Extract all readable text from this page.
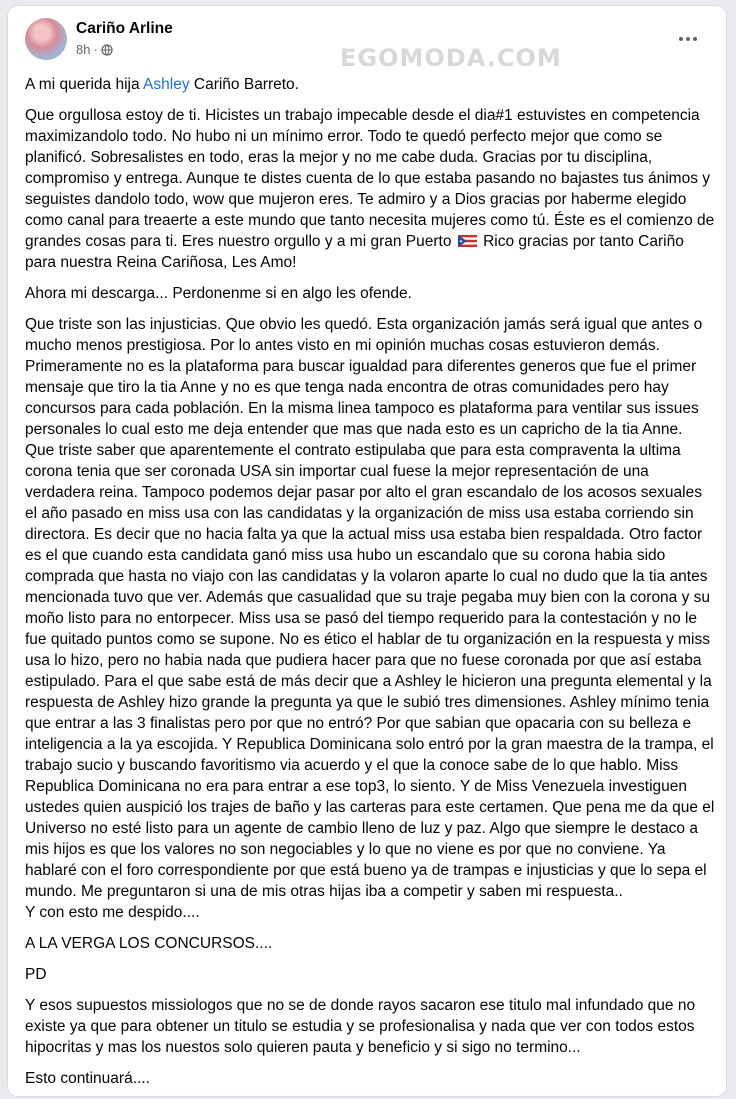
Cariño Arline
8h ·	EGOMODA.COM

A mi querida hija Ashley Cariño Barreto.

Que orgullosa estoy de ti. Hicistes un trabajo impecable desde el dia#1 estuvistes en competencia maximizandolo todo. No hubo ni un mínimo error. Todo te quedó perfecto mejor que como se planificó. Sobresalistes en todo, eras la mejor y no me cabe duda. Gracias por tu disciplina, compromiso y entrega. Aunque te distes cuenta de lo que estaba pasando no bajastes tus ánimos y seguistes dandolo todo, wow que mujeron eres. Te admiro y a Dios gracias por haberme elegido como canal para treaerte a este mundo que tanto necesita mujeres como tú. Éste es el comienzo de grandes cosas para ti. Eres nuestro orgullo y a mi gran Puerto  Rico gracias por tanto Cariño para nuestra Reina Cariñosa, Les Amo!

Ahora mi descarga... Perdonenme si en algo les ofende.

Que triste son las injusticias. Que obvio les quedó. Esta organización jamás será igual que antes o mucho menos prestigiosa. Por lo antes visto en mi opinión muchas cosas estuvieron demás. Primeramente no es la plataforma para buscar igualdad para diferentes generos que fue el primer mensaje que tiro la tia Anne y no es que tenga nada encontra de otras comunidades pero hay concursos para cada población. En la misma linea tampoco es plataforma para ventilar sus issues personales lo cual esto me deja entender que mas que nada esto es un capricho de la tia Anne. Que triste saber que aparentemente el contrato estipulaba que para esta compraventa la ultima corona tenia que ser coronada USA sin importar cual fuese la mejor representación de una verdadera reina. Tampoco podemos dejar pasar por alto el gran escandalo de los acosos sexuales el año pasado en miss usa con las candidatas y la organización de miss usa estaba corriendo sin directora. Es decir que no hacia falta ya que la actual miss usa estaba bien respaldada. Otro factor es el que cuando esta candidata ganó miss usa hubo un escandalo que su corona habia sido comprada que hasta no viajo con las candidatas y la volaron aparte lo cual no dudo que la tia antes mencionada tuvo que ver. Además que casualidad que su traje pegaba muy bien con la corona y su moño listo para no entorpecer. Miss usa se pasó del tiempo requerido para la contestación y no le fue quitado puntos como se supone. No es ético el hablar de tu organización en la respuesta y miss usa lo hizo, pero no habia nada que pudiera hacer para que no fuese coronada por que así estaba estipulado. Para el que sabe está de más decir que a Ashley le hicieron una pregunta elemental y la respuesta de Ashley hizo grande la pregunta ya que le subió tres dimensiones. Ashley mínimo tenia que entrar a las 3 finalistas pero por que no entró? Por que sabian que opacaria con su belleza e inteligencia a la ya escojida. Y Republica Dominicana solo entró por la gran maestra de la trampa, el trabajo sucio y buscando favoritismo via acuerdo y el que la conoce sabe de lo que hablo. Miss Republica Dominicana no era para entrar a ese top3, lo siento. Y de Miss Venezuela investiguen ustedes quien auspició los trajes de baño y las carteras para este certamen. Que pena me da que el Universo no esté listo para un agente de cambio lleno de luz y paz. Algo que siempre le destaco a mis hijos es que los valores no son negociables y lo que no viene es por que no conviene. Ya hablaré con el foro correspondiente por que está bueno ya de trampas e injusticias y que lo sepa el mundo. Me preguntaron si una de mis otras hijas iba a competir y saben mi respuesta..
Y con esto me despido....

A LA VERGA LOS CONCURSOS....

PD

Y esos supuestos missiologos que no se de donde rayos sacaron ese titulo mal infundado que no existe ya que para obtener un titulo se estudia y se profesionalisa y nada que ver con todos estos hipocritas y mas los nuestos solo quieren pauta y beneficio y si sigo no termino...

Esto continuará....
